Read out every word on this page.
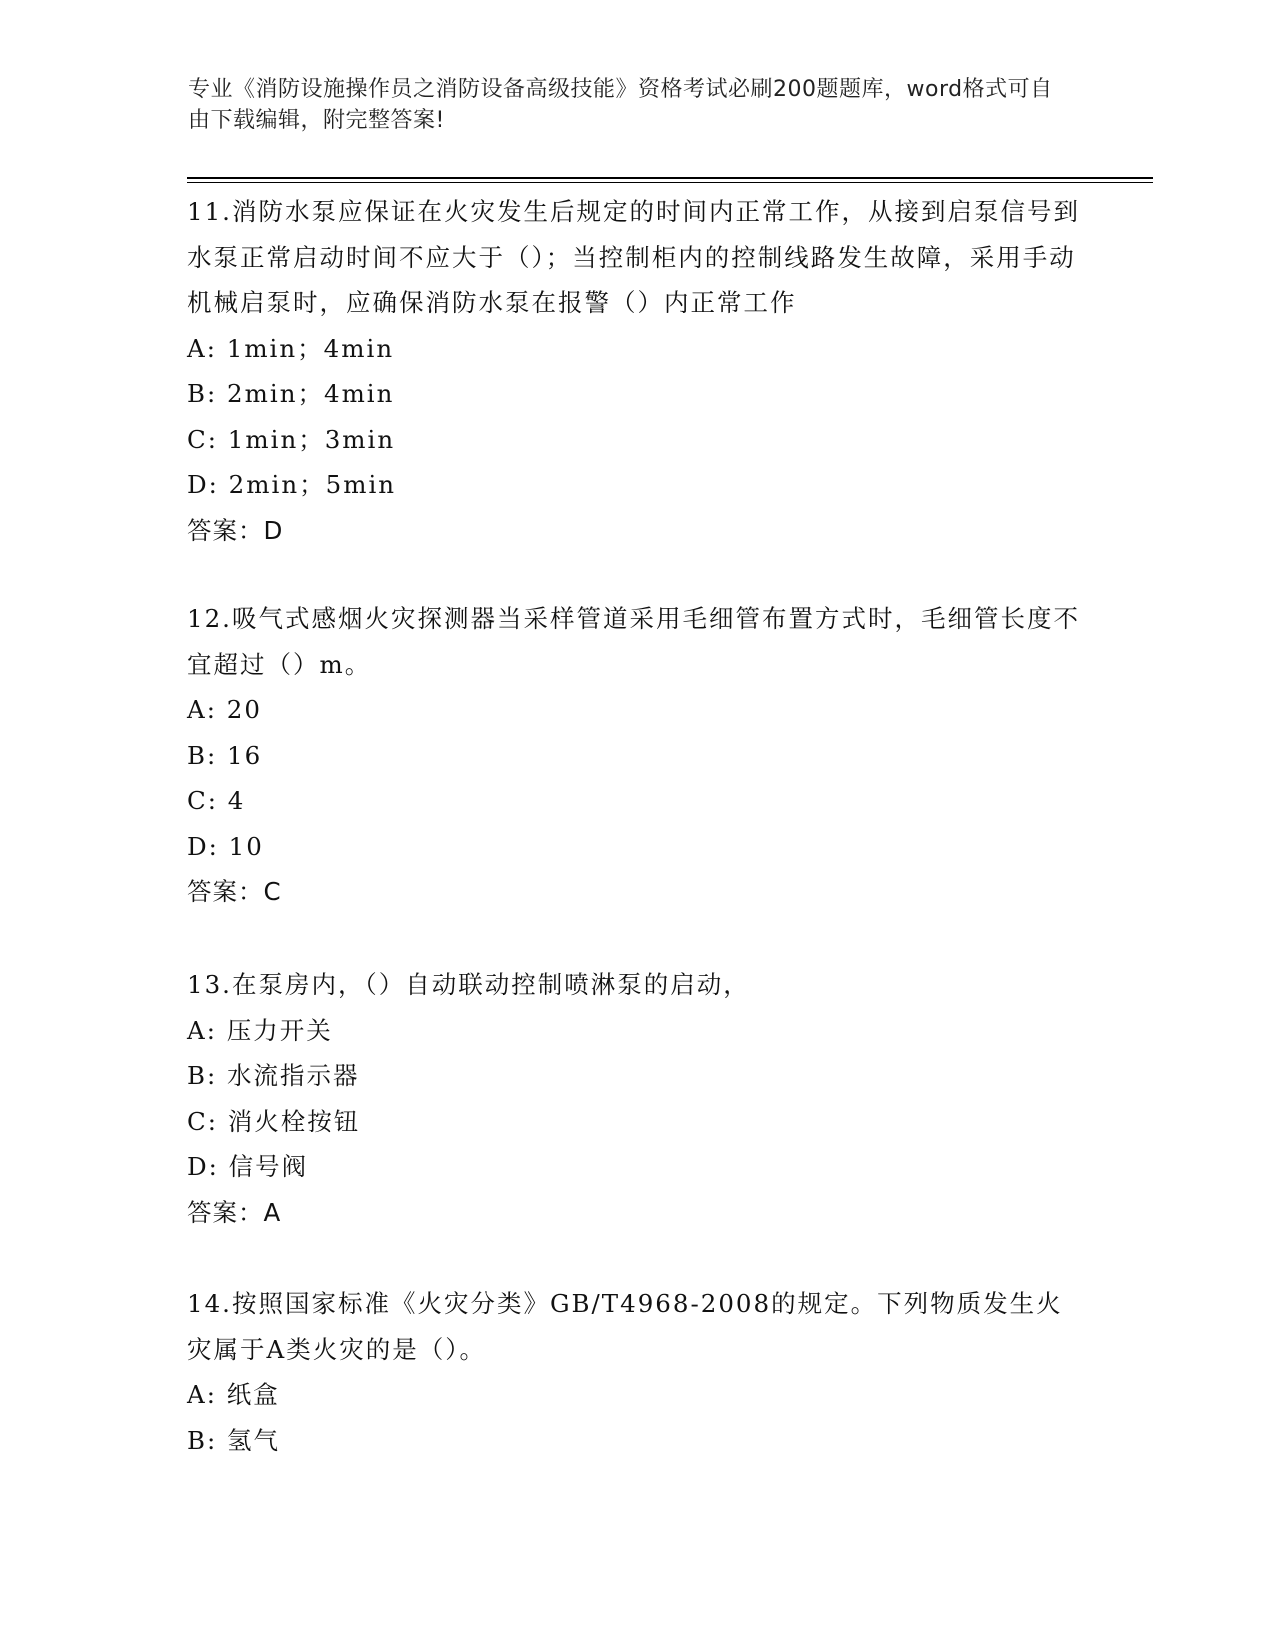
专业《消防设施操作员之消防设备高级技能》资格考试必刷200题题库，word格式可自由下载编辑，附完整答案!
11.消防水泵应保证在火灾发生后规定的时间内正常工作，从接到启泵信号到水泵正常启动时间不应大于（）；当控制柜内的控制线路发生故障，采用手动机械启泵时，应确保消防水泵在报警（）内正常工作
A: 1min；4min
B: 2min；4min
C: 1min；3min
D: 2min；5min
答案：D
12.吸气式感烟火灾探测器当采样管道采用毛细管布置方式时，毛细管长度不宜超过（）m。
A: 20
B: 16
C: 4
D: 10
答案：C
13.在泵房内，（）自动联动控制喷淋泵的启动，
A: 压力开关
B: 水流指示器
C: 消火栓按钮
D: 信号阀
答案：A
14.按照国家标准《火灾分类》GB/T4968-2008的规定。下列物质发生火灾属于A类火灾的是（）。
A: 纸盒
B: 氢气
